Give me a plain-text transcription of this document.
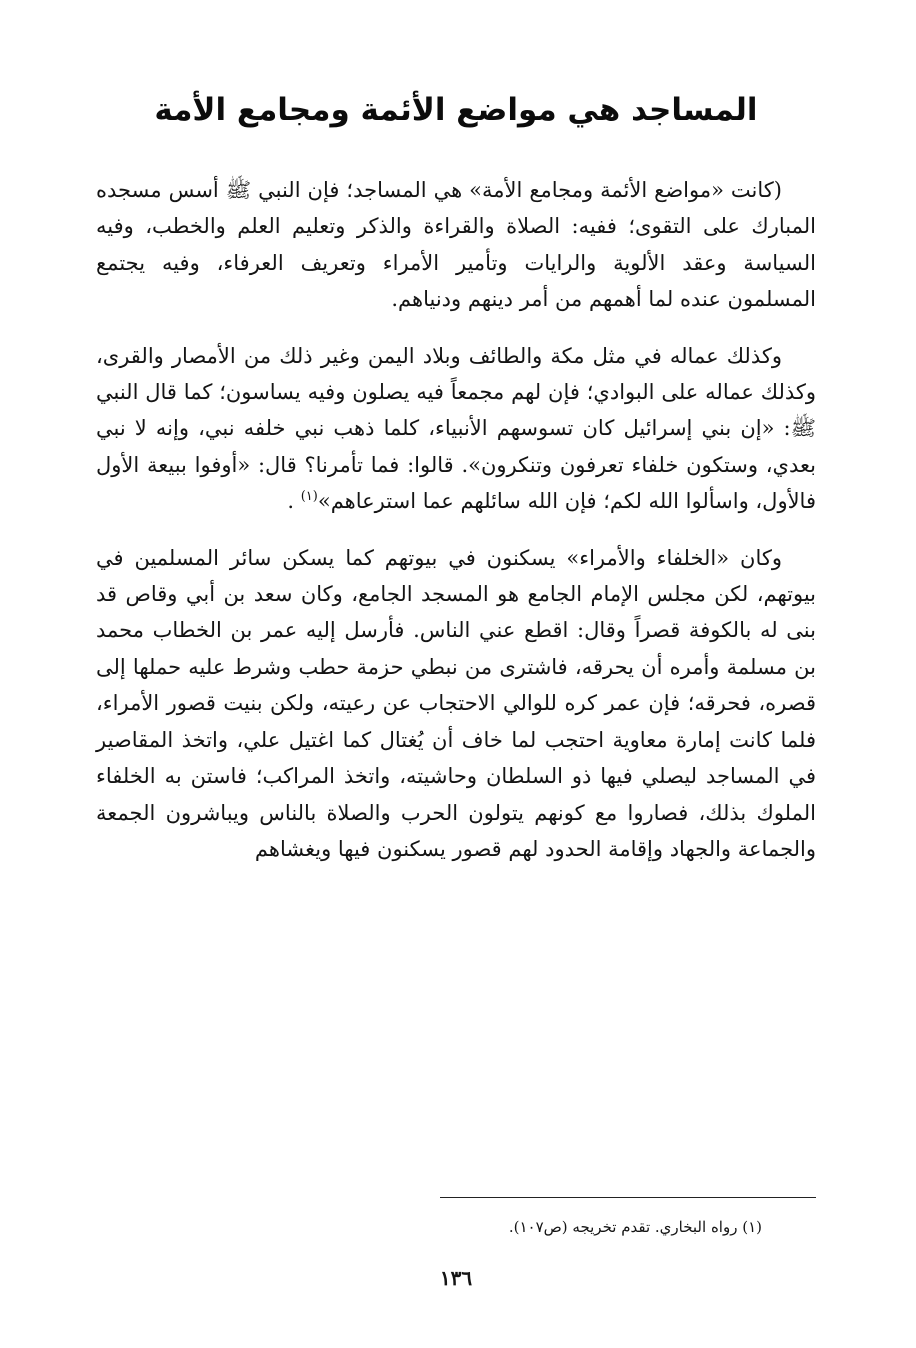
المساجد هي مواضع الأئمة ومجامع الأمة

(كانت «مواضع الأئمة ومجامع الأمة» هي المساجد؛ فإن النبي ﷺ أسس مسجده المبارك على التقوى؛ ففيه: الصلاة والقراءة والذكر وتعليم العلم والخطب، وفيه السياسة وعقد الألوية والرايات وتأمير الأمراء وتعريف العرفاء، وفيه يجتمع المسلمون عنده لما أهمهم من أمر دينهم ودنياهم.

وكذلك عماله في مثل مكة والطائف وبلاد اليمن وغير ذلك من الأمصار والقرى، وكذلك عماله على البوادي؛ فإن لهم مجمعاً فيه يصلون وفيه يساسون؛ كما قال النبي ﷺ: «إن بني إسرائيل كان تسوسهم الأنبياء، كلما ذهب نبي خلفه نبي، وإنه لا نبي بعدي، وستكون خلفاء تعرفون وتنكرون». قالوا: فما تأمرنا؟ قال: «أوفوا ببيعة الأول فالأول، واسألوا الله لكم؛ فإن الله سائلهم عما استرعاهم»$^{(١)}$ .

وكان «الخلفاء والأمراء» يسكنون في بيوتهم كما يسكن سائر المسلمين في بيوتهم، لكن مجلس الإمام الجامع هو المسجد الجامع، وكان سعد بن أبي وقاص قد بنى له بالكوفة قصراً وقال: اقطع عني الناس. فأرسل إليه عمر بن الخطاب محمد بن مسلمة وأمره أن يحرقه، فاشترى من نبطي حزمة حطب وشرط عليه حملها إلى قصره، فحرقه؛ فإن عمر كره للوالي الاحتجاب عن رعيته، ولكن بنيت قصور الأمراء، فلما كانت إمارة معاوية احتجب لما خاف أن يُغتال كما اغتيل علي، واتخذ المقاصير في المساجد ليصلي فيها ذو السلطان وحاشيته، واتخذ المراكب؛ فاستن به الخلفاء الملوك بذلك، فصاروا مع كونهم يتولون الحرب والصلاة بالناس ويباشرون الجمعة والجماعة والجهاد وإقامة الحدود لهم قصور يسكنون فيها ويغشاهم

(١) رواه البخاري. تقدم تخريجه (ص١٠٧).
١٣٦
